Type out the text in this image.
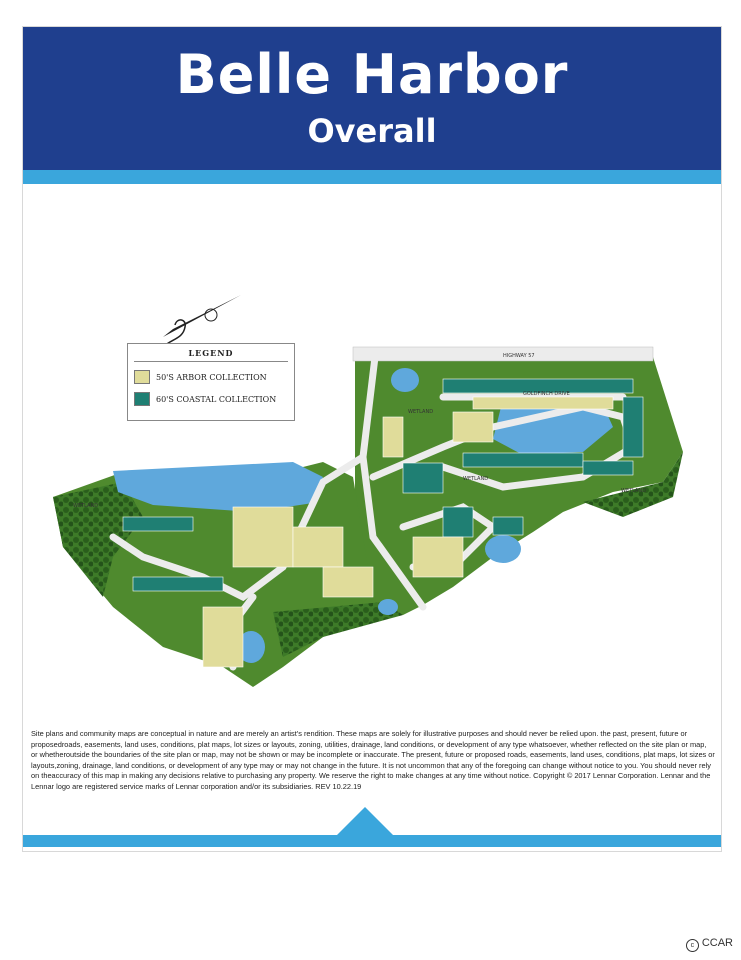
Belle Harbor
Overall
HIGHWAY 57
GOLDFINCH DRIVE
WETLAND
WETLAND
WETLAND
WETLAND
LEGEND
50'S ARBOR COLLECTION
60'S COASTAL COLLECTION
Site plans and community maps are conceptual in nature and are merely an artist's rendition. These maps are solely for illustrative purposes and should never be relied upon. the past, present, future or proposedroads, easements, land uses, conditions, plat maps, lot sizes or layouts, zoning, utilities, drainage, land conditions, or development of any type whatsoever, whether reflected on the site plan or map, or whetheroutside the boundaries of the site plan or map, may not be shown or may be incomplete or inaccurate. The present, future or proposed roads, easements, land uses, conditions, plat maps, lot sizes or layouts,zoning, drainage, land conditions, or development of any type may or may not change in the future. It is not uncommon that any of the foregoing can change without notice to you. You should never rely on theaccuracy of this map in making any decisions relative to purchasing any property. We reserve the right to make changes at any time without notice. Copyright © 2017 Lennar Corporation. Lennar and the Lennar logo are registered service marks of Lennar corporation and/or its subsidiaries. REV 10.22.19
c CCAR
